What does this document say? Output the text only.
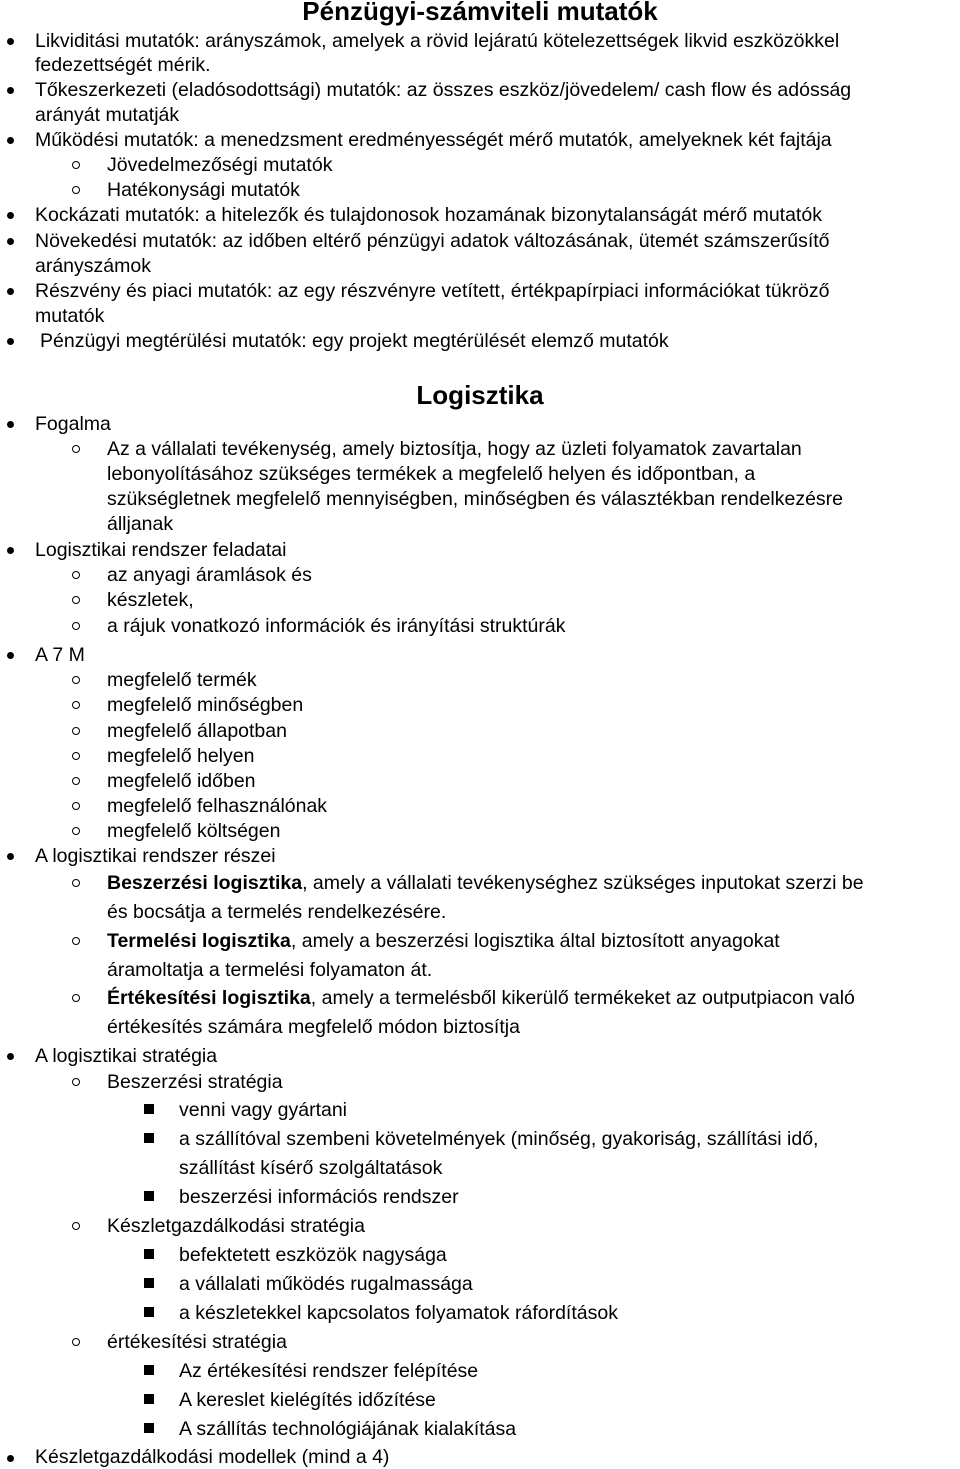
Pénzügyi-számviteli mutatók
Likviditási mutatók: arányszámok, amelyek a rövid lejáratú kötelezettségek likvid eszközökkel
fedezettségét mérik.
Tőkeszerkezeti (eladósodottsági) mutatók: az összes eszköz/jövedelem/ cash flow és adósság
arányát mutatják
Működési mutatók: a menedzsment eredményességét mérő mutatók, amelyeknek két fajtája
Jövedelmezőségi mutatók
Hatékonysági mutatók
Kockázati mutatók: a hitelezők és tulajdonosok hozamának bizonytalanságát mérő mutatók
Növekedési mutatók: az időben eltérő pénzügyi adatok változásának, ütemét számszerűsítő
arányszámok
Részvény és piaci mutatók: az egy részvényre vetített, értékpapírpiaci információkat tükröző
mutatók
Pénzügyi megtérülési mutatók: egy projekt megtérülését elemző mutatók
Logisztika
Fogalma
Az a vállalati tevékenység, amely biztosítja, hogy az üzleti folyamatok zavartalan
lebonyolításához szükséges termékek a megfelelő helyen és időpontban, a
szükségletnek megfelelő mennyiségben, minőségben és választékban rendelkezésre
álljanak
Logisztikai rendszer feladatai
az anyagi áramlások és
készletek,
a rájuk vonatkozó információk és irányítási struktúrák
A 7 M
megfelelő termék
megfelelő minőségben
megfelelő állapotban
megfelelő helyen
megfelelő időben
megfelelő felhasználónak
megfelelő költségen
A logisztikai rendszer részei
Beszerzési logisztika, amely a vállalati tevékenységhez szükséges inputokat szerzi be
és bocsátja a termelés rendelkezésére.
Termelési logisztika, amely a beszerzési logisztika által biztosított anyagokat
áramoltatja a termelési folyamaton át.
Értékesítési logisztika, amely a termelésből kikerülő termékeket az outputpiacon való
értékesítés számára megfelelő módon biztosítja
A logisztikai stratégia
Beszerzési stratégia
venni vagy gyártani
a szállítóval szembeni követelmények (minőség, gyakoriság, szállítási idő,
szállítást kísérő szolgáltatások
beszerzési információs rendszer
Készletgazdálkodási stratégia
befektetett eszközök nagysága
a vállalati működés rugalmassága
a készletekkel kapcsolatos folyamatok ráfordítások
értékesítési stratégia
Az értékesítési rendszer felépítése
A kereslet kielégítés időzítése
A szállítás technológiájának kialakítása
Készletgazdálkodási modellek (mind a 4)
